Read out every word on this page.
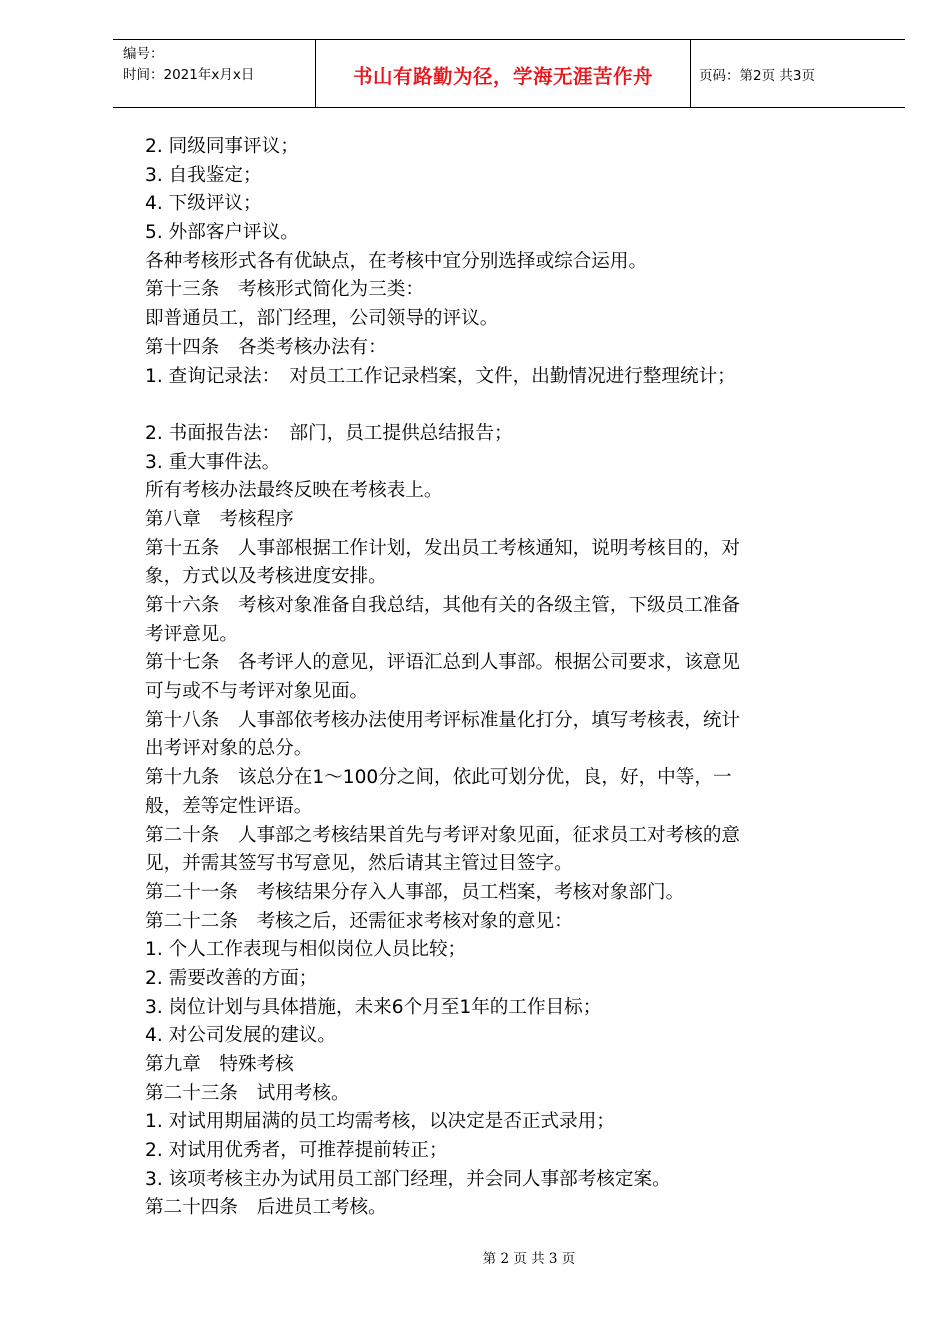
编号：
时间：2021年x月x日	书山有路勤为径，学海无涯苦作舟	页码：第2页 共3页
2. 同级同事评议；
3. 自我鉴定；
4. 下级评议；
5. 外部客户评议。
各种考核形式各有优缺点，在考核中宜分别选择或综合运用。
第十三条　考核形式简化为三类：
即普通员工，部门经理，公司领导的评议。
第十四条　各类考核办法有：
1. 查询记录法：　对员工工作记录档案，文件，出勤情况进行整理统计；
2. 书面报告法：　部门，员工提供总结报告；
3. 重大事件法。
所有考核办法最终反映在考核表上。
第八章　考核程序
第十五条　人事部根据工作计划，发出员工考核通知，说明考核目的，对
象，方式以及考核进度安排。
第十六条　考核对象准备自我总结，其他有关的各级主管，下级员工准备
考评意见。
第十七条　各考评人的意见，评语汇总到人事部。根据公司要求，该意见
可与或不与考评对象见面。
第十八条　人事部依考核办法使用考评标准量化打分，填写考核表，统计
出考评对象的总分。
第十九条　该总分在1～100分之间，依此可划分优，良，好，中等，一
般，差等定性评语。
第二十条　人事部之考核结果首先与考评对象见面，征求员工对考核的意
见，并需其签写书写意见，然后请其主管过目签字。
第二十一条　考核结果分存入人事部，员工档案，考核对象部门。
第二十二条　考核之后，还需征求考核对象的意见：
1. 个人工作表现与相似岗位人员比较；
2. 需要改善的方面；
3. 岗位计划与具体措施，未来6个月至1年的工作目标；
4. 对公司发展的建议。
第九章　特殊考核
第二十三条　试用考核。
1. 对试用期届满的员工均需考核，以决定是否正式录用；
2. 对试用优秀者，可推荐提前转正；
3. 该项考核主办为试用员工部门经理，并会同人事部考核定案。
第二十四条　后进员工考核。
第 2 页 共 3 页
